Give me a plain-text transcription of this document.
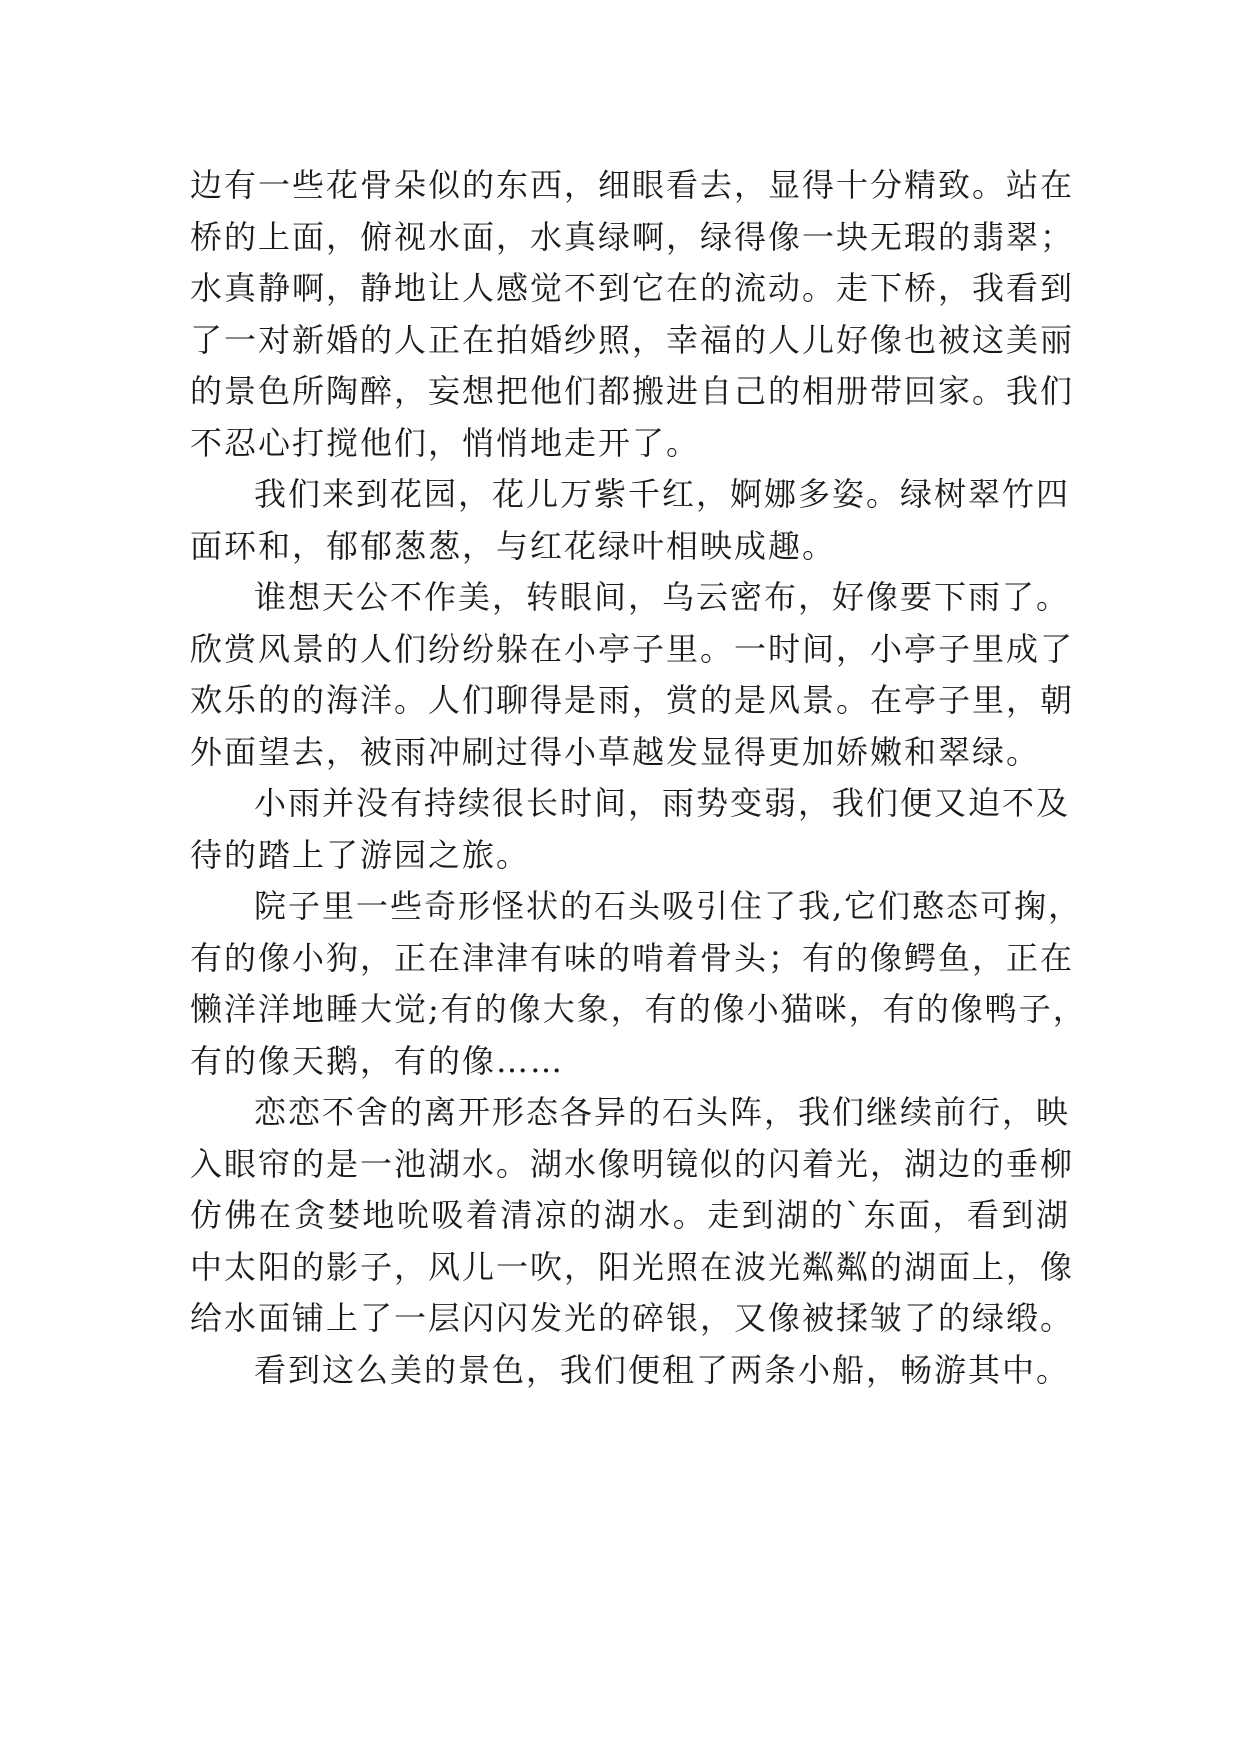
边有一些花骨朵似的东西，细眼看去，显得十分精致。站在
桥的上面，俯视水面，水真绿啊，绿得像一块无瑕的翡翠；
水真静啊，静地让人感觉不到它在的流动。走下桥，我看到
了一对新婚的人正在拍婚纱照，幸福的人儿好像也被这美丽
的景色所陶醉，妄想把他们都搬进自己的相册带回家。我们
不忍心打搅他们，悄悄地走开了。
我们来到花园，花儿万紫千红，婀娜多姿。绿树翠竹四
面环和，郁郁葱葱，与红花绿叶相映成趣。
谁想天公不作美，转眼间，乌云密布，好像要下雨了。
欣赏风景的人们纷纷躲在小亭子里。一时间，小亭子里成了
欢乐的的海洋。人们聊得是雨，赏的是风景。在亭子里，朝
外面望去，被雨冲刷过得小草越发显得更加娇嫩和翠绿。
小雨并没有持续很长时间，雨势变弱，我们便又迫不及
待的踏上了游园之旅。
院子里一些奇形怪状的石头吸引住了我,它们憨态可掬，
有的像小狗，正在津津有味的啃着骨头；有的像鳄鱼，正在
懒洋洋地睡大觉;有的像大象，有的像小猫咪，有的像鸭子，
有的像天鹅，有的像……
恋恋不舍的离开形态各异的石头阵，我们继续前行，映
入眼帘的是一池湖水。湖水像明镜似的闪着光，湖边的垂柳
仿佛在贪婪地吮吸着清凉的湖水。走到湖的`东面，看到湖
中太阳的影子，风儿一吹，阳光照在波光粼粼的湖面上，像
给水面铺上了一层闪闪发光的碎银，又像被揉皱了的绿缎。
看到这么美的景色，我们便租了两条小船，畅游其中。
